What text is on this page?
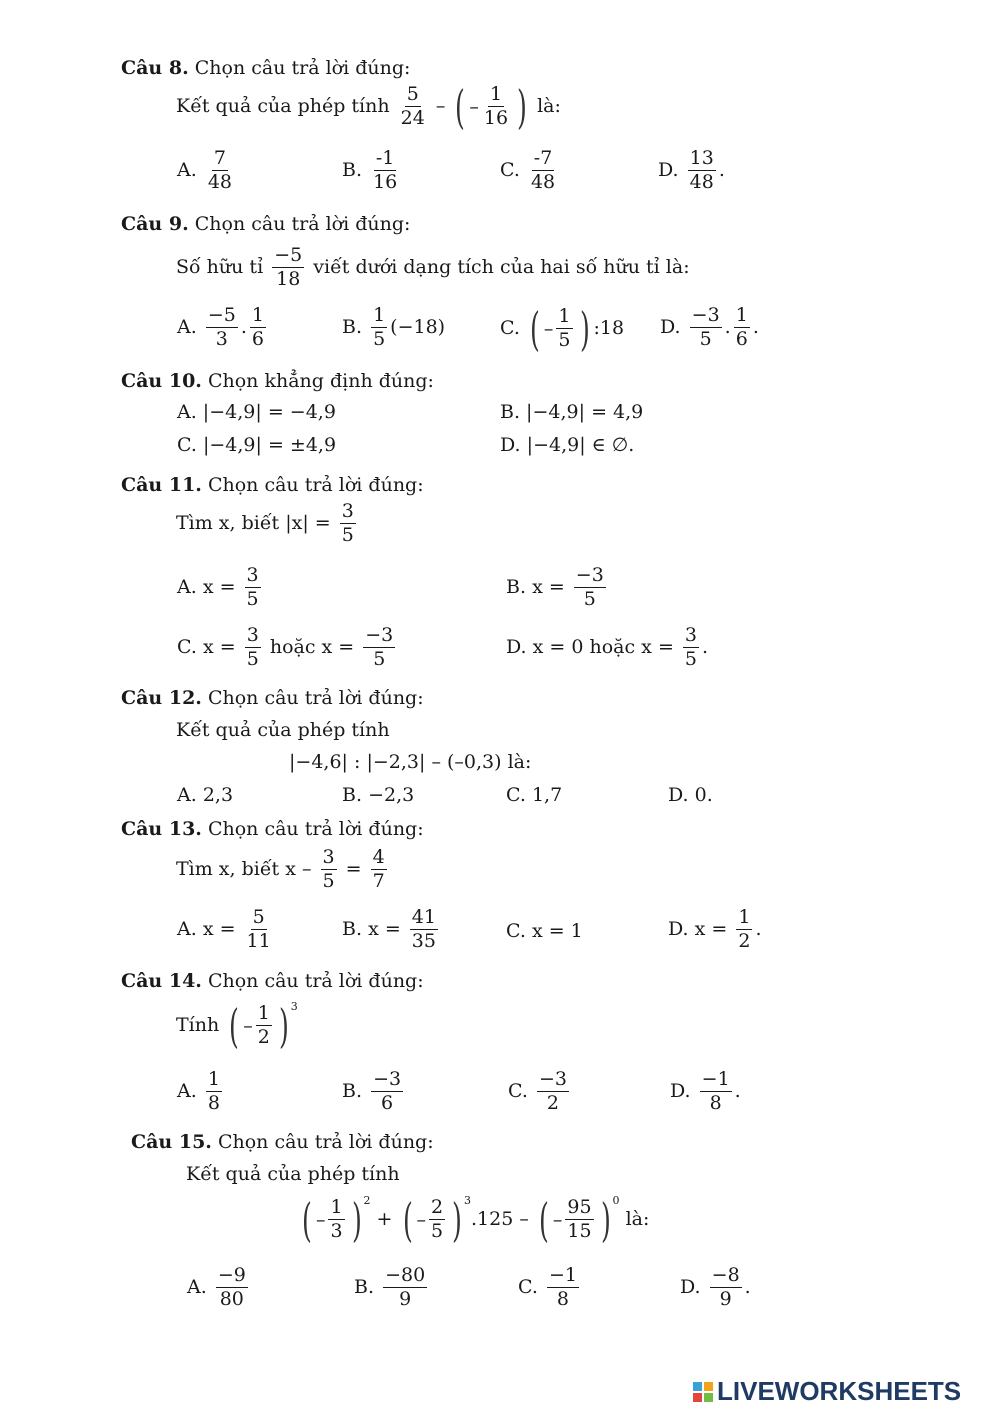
Câu 8. Chọn câu trả lời đúng:
Kết quả của phép tính $\frac{5}{24}$ – ( – $\frac{1}{16}$ ) là:
A. $\frac{7}{48}$	B. $\frac{-1}{16}$	C. $\frac{-7}{48}$	D. $\frac{13}{48}$ .
Câu 9. Chọn câu trả lời đúng:
Số hữu tỉ $\frac{-5}{18}$ viết dưới dạng tích của hai số hữu tỉ là:
A. $\frac{-5}{3}$ . $\frac{1}{6}$	B. $\frac{1}{5} (-18)$	C. ( – $\frac{1}{5}$ ) :18 D. $\frac{-3}{5}$ . $\frac{1}{6}$ .
Câu 10. Chọn khẳng định đúng:
A. |−4,9| = −4,9	B. |−4,9| = 4,9
C. |−4,9| = ±4,9	D. |−4,9| ∈ ∅.
Câu 11. Chọn câu trả lời đúng:
Tìm x, biết $|x| = \frac{3}{5}$
A. $x = \frac{3}{5}$	B. $x = \frac{-3}{5}$
C. $x = \frac{3}{5}$ hoặc $x = \frac{-3}{5}$	D. x = 0 hoặc $x = \frac{3}{5}$ .
Câu 12. Chọn câu trả lời đúng:
Kết quả của phép tính
|−4,6| : |−2,3| – (–0,3) là:
A. 2,3	B. −2,3	C. 1,7	D. 0.
Câu 13. Chọn câu trả lời đúng:
Tìm x, biết $x - \frac{3}{5} = \frac{4}{7}$
A. $x = \frac{5}{11}$	B. $x = \frac{41}{35}$	C. x = 1	D. $x = \frac{1}{2}$ .
Câu 14. Chọn câu trả lời đúng:
Tính ( – $\frac{1}{2}$ ) 3
A. $\frac{1}{8}$	B. $\frac{-3}{6}$	C. $\frac{-3}{2}$	D. $\frac{-1}{8}$ .
Câu 15. Chọn câu trả lời đúng:
Kết quả của phép tính
( – $\frac{1}{3}$ ) 2
+ ( – $\frac{2}{5}$ ) 3
.125 – ( – $\frac{95}{15}$ ) 0
là:
A. $\frac{-9}{80}$	B. $\frac{-80}{9}$	C. $\frac{-1}{8}$	D. $\frac{-8}{9}$ .
LIVEWORKSHEETS
